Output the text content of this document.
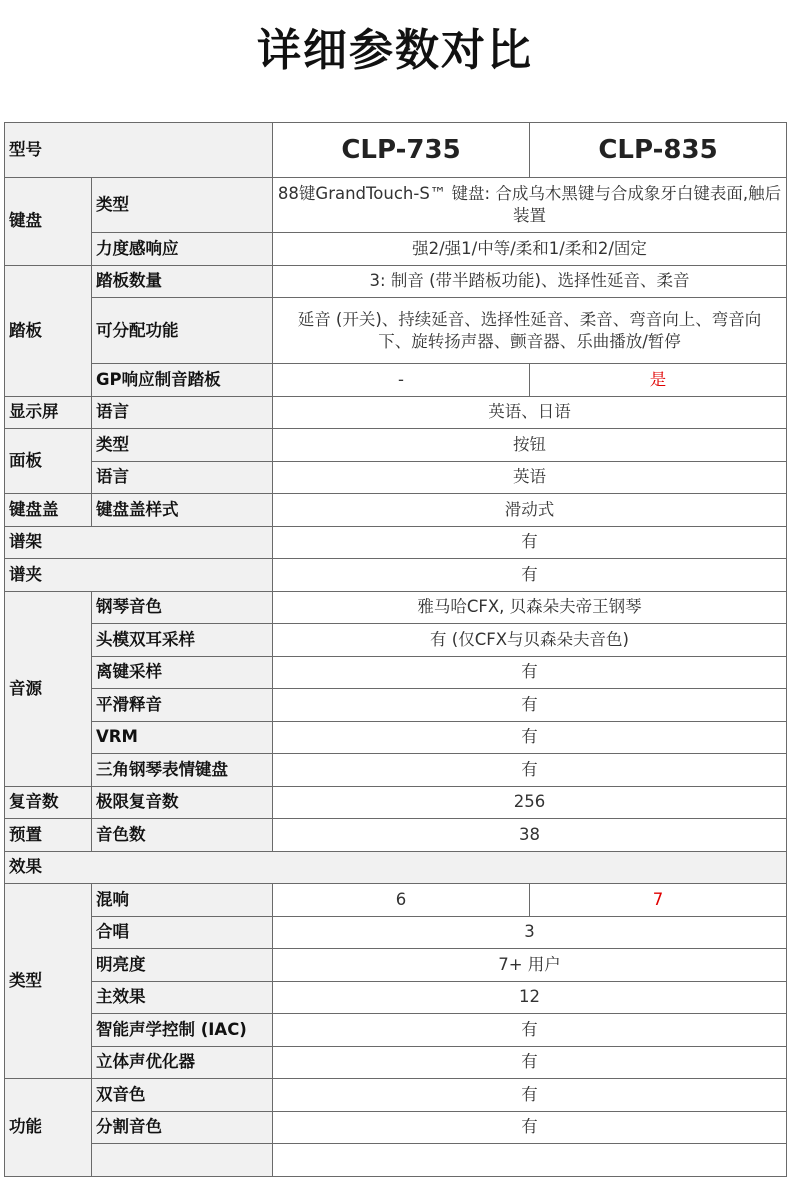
详细参数对比
型号		CLP-735	CLP-835
键盘	类型	88键GrandTouch-S™ 键盘: 合成乌木黑键与合成象牙白键表面,触后装置	
	力度感响应	强2/强1/中等/柔和1/柔和2/固定	
踏板	踏板数量	3: 制音 (带半踏板功能)、选择性延音、柔音	
	可分配功能	延音 (开关)、持续延音、选择性延音、柔音、弯音向上、弯音向下、旋转扬声器、颤音器、乐曲播放/暂停	
	GP响应制音踏板	-	是
显示屏	语言	英语、日语	
面板	类型	按钮	
	语言	英语	
键盘盖	键盘盖样式	滑动式	
谱架		有	
谱夹		有	
音源	钢琴音色	雅马哈CFX, 贝森朵夫帝王钢琴	
	头模双耳采样	有 (仅CFX与贝森朵夫音色)	
	离键采样	有	
	平滑释音	有	
	VRM	有	
	三角钢琴表情键盘	有	
复音数	极限复音数	256	
预置	音色数	38	
效果			
类型	混响	6	7
	合唱	3	
	明亮度	7+ 用户	
	主效果	12	
	智能声学控制 (IAC)	有	
	立体声优化器	有	
功能	双音色	有	
	分割音色	有	
